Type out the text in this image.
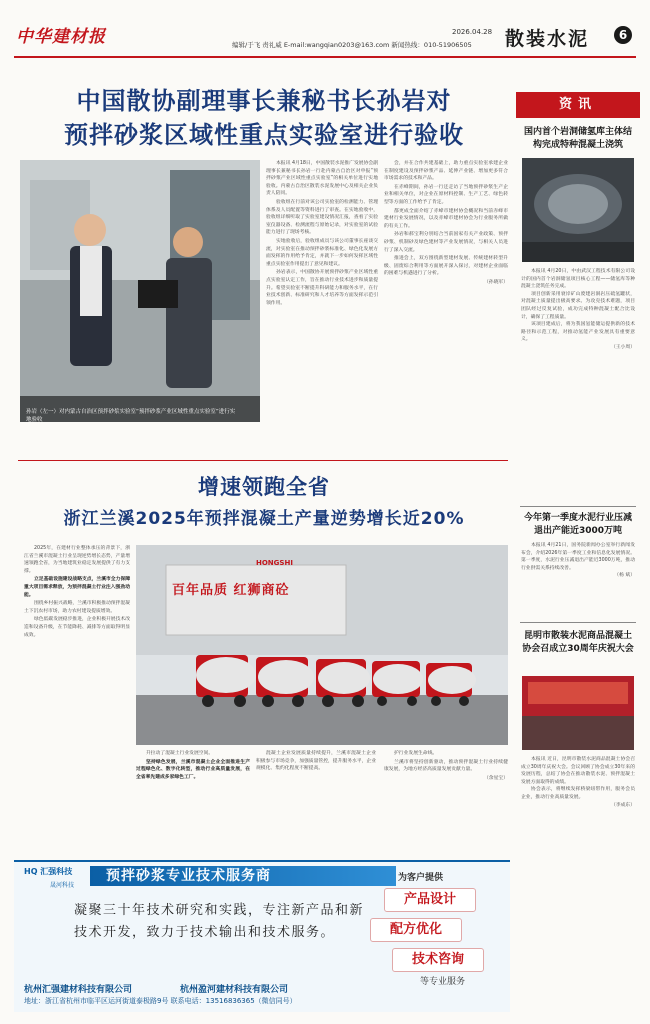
中华建材报	2026.04.28
编辑/于飞 责礼威 E-mail:wangqian0203@163.com 新闻热线：010-51906505 散装水泥	6
中国散协副理事长兼秘书长孙岩对
预拌砂浆区域性重点实验室进行验收
孙岩（左一）对内蒙古自治区预拌砂浆实验室“预拌砂浆产业区域性重点实验室”进行实地验收

本报讯 4月18日，中国散装水泥推广发展协会副理事长兼秘书长孙岩一行赴内蒙古自治区对申报“预拌砂浆产业区域性重点实验室”的相关单位进行实地验收。内蒙古自治区散装水泥发展中心及相关企业负责人陪同。

验收组在行前对该公司实验室的检测能力、管理体系及人员配置等资料进行了审查。在实地验收中，验收组详细听取了实验室建设情况汇报，查看了实验室仪器设备、检测流程与原始记录，对实验室的试验能力进行了现场考核。

实地验收后，验收组成员与该公司董事长座谈交流，对实验室在推动预拌砂浆标准化、绿色化发展方面发挥的作用给予肯定，并就下一步如何发挥区域性重点实验室作用提出了意见和建议。

孙岩表示，中国散协开展预拌砂浆产业区域性重点实验室认定工作，旨在推动行业技术进步和质量提升。希望实验室不断提升科研能力和服务水平，在行业技术创新、标准研究和人才培养等方面发挥示范引领作用。

会，并在合作共建基础上，助力重点实验室承建企业在制度建设及预拌砂浆产品、延伸产业链、增加更多符合市场需求的技术和产品。

在赤峰期间，孙岩一行还走访了当地预拌砂浆生产企业和相关单位，对企业在原材料控制、生产工艺、绿色转型等方面的工作给予了肯定。

都更成全面介绍了赤峰市建材协会概况和当前赤峰市建材行业发展情况，以及赤峰市建材协会为行业服务所做的有关工作。

孙岩和郝宝利分别结合当前国家有关产业政策、预拌砂浆、机制砂及绿色建材等产业发展情况，与相关人员进行了深入交流。

推进会上，双方围绕新型建材发展、传统建材转型升级、固废综合利用等方面展开深入探讨，对建材企业面临的困难与机遇进行了分析。

（孙晓军）

增速领跑全省
浙江兰溪2025年预拌混凝土产量逆势增长近20%

2025年，在建材行业整体承压的背景下，浙江省兰溪市混凝土行业呈现逆势增长态势，产量增速领跑全省，为当地建筑业稳定发展提供了有力支撑。

立足基础设施建设战略支点，兰溪市全力保障重大项目需求释放，为预拌混凝土行业注入强劲动能。

围绕乡村振兴战略，兰溪市积极推动预拌混凝土下沉农村市场，助力农村建设提质增效。

绿色低碳发展稳步推进，企业积极开展技术改造和设备升级，在节能降耗、减排等方面取得明显成效。

HONGSHI
百年品质 红狮商砼

升拉动了混凝土行业发展空间。

坚持绿色发展，兰溪市混凝土企业全面推进生产过程绿色化、数字化转型，推动行业高质量发展，在全省率先建成多家绿色工厂。

混凝土企业发展质量持续提升，兰溪市混凝土企业积极参与市场竞争，加强质量管控，提升服务水平，企业规模化、集约化程度不断提高。

护行业发展生命线。

兰溪市将坚持创新驱动，推动预拌混凝土行业持续健康发展，为地方经济高质量发展贡献力量。

（余星宝）

资讯
国内首个岩洞储氢库主体结构完成特种混凝土浇筑

本报讯 4月20日，中由武汉工程技术有限公司设计的国内首个岩洞储氢项目核心工程——储氢库等种混凝土浇筑任务完成。

项目创新采用衰岸矿山废建岩洞岩压硫氢罐状，对混凝土质量提出极高要求。为攻克技术难题，项目团队经过反复试验，成功完成特种混凝土配合比设计，确保了工程质量。

该项目建成后，将为我国氢能储运提供新的技术路径和示范工程，对推动氢能产业发展具有重要意义。

（王小周）

今年第一季度水泥行业压减退出产能近3000万吨

本报讯 4月21日，国务院新闻办公室举行新闻发布会，介绍2026年第一季度工业和信息化发展情况。第一季度，水泥行业压减退出产能近3000万吨，推动行业供需关系持续改善。

（杨 斌）

昆明市散装水泥商品混凝土协会召成立30周年庆祝大会

本报讯 近日，昆明市散装水泥商品混凝土协会召成立30周年庆祝大会。会议回顾了协会成立30年来的发展历程，总结了协会在推动散装水泥、预拌混凝土发展方面取得的成绩。

协会表示，将继续发挥桥梁纽带作用，服务会员企业，推动行业高质量发展。

（李成东）

HQ 汇强科技
晟河科技
预拌砂浆专业技术服务商	为客户提供
凝聚三十年技术研究和实践，专注新产品和新技术开发，致力于技术输出和技术服务。
产品设计
配方优化
技术咨询
等专业服务
杭州汇强建材科技有限公司	杭州盈河建材科技有限公司
地址：浙江省杭州市临平区运河街道泰极路9号 联系电话：13516836365（微信同号）
